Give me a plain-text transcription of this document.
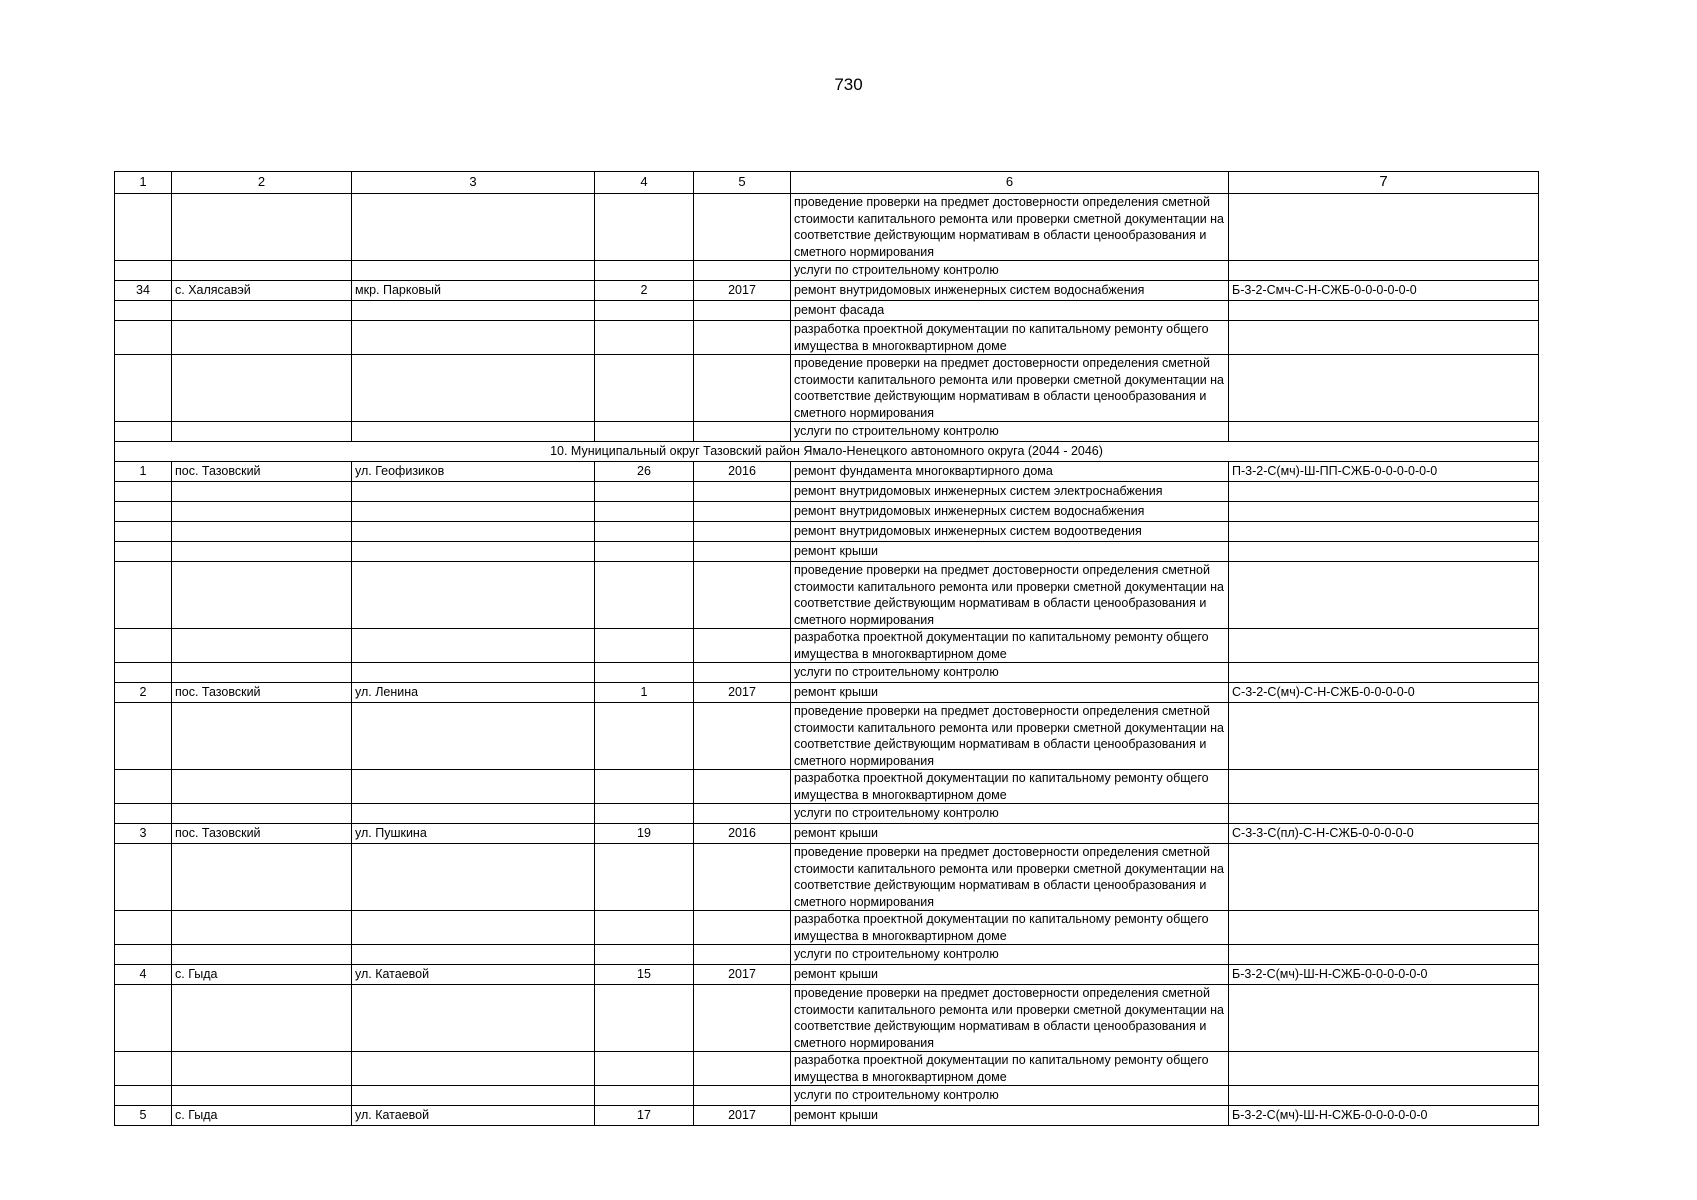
730
1	2	3	4	5	6	7
					проведение проверки на предмет достоверности определения сметной стоимости капитального ремонта или проверки сметной документации на соответствие действующим нормативам в области ценообразования и сметного нормирования	
					услуги по строительному контролю	
34	с. Халясавэй	мкр. Парковый	2	2017	ремонт внутридомовых инженерных систем водоснабжения	Б-3-2-Смч-С-Н-СЖБ-0-0-0-0-0-0
					ремонт фасада	
					разработка проектной документации по капитальному ремонту общего имущества в многоквартирном доме	
					проведение проверки на предмет достоверности определения сметной стоимости капитального ремонта или проверки сметной документации на соответствие действующим нормативам в области ценообразования и сметного нормирования	
					услуги по строительному контролю	
10. Муниципальный округ Тазовский район Ямало-Ненецкого автономного округа (2044 - 2046)						
1	пос. Тазовский	ул. Геофизиков	26	2016	ремонт фундамента многоквартирного дома	П-3-2-С(мч)-Ш-ПП-СЖБ-0-0-0-0-0-0
					ремонт внутридомовых инженерных систем электроснабжения	
					ремонт внутридомовых инженерных систем водоснабжения	
					ремонт внутридомовых инженерных систем водоотведения	
					ремонт крыши	
					проведение проверки на предмет достоверности определения сметной стоимости капитального ремонта или проверки сметной документации на соответствие действующим нормативам в области ценообразования и сметного нормирования	
					разработка проектной документации по капитальному ремонту общего имущества в многоквартирном доме	
					услуги по строительному контролю	
2	пос. Тазовский	ул. Ленина	1	2017	ремонт крыши	С-3-2-С(мч)-С-Н-СЖБ-0-0-0-0-0
					проведение проверки на предмет достоверности определения сметной стоимости капитального ремонта или проверки сметной документации на соответствие действующим нормативам в области ценообразования и сметного нормирования	
					разработка проектной документации по капитальному ремонту общего имущества в многоквартирном доме	
					услуги по строительному контролю	
3	пос. Тазовский	ул. Пушкина	19	2016	ремонт крыши	С-3-3-С(пл)-С-Н-СЖБ-0-0-0-0-0
					проведение проверки на предмет достоверности определения сметной стоимости капитального ремонта или проверки сметной документации на соответствие действующим нормативам в области ценообразования и сметного нормирования	
					разработка проектной документации по капитальному ремонту общего имущества в многоквартирном доме	
					услуги по строительному контролю	
4	с. Гыда	ул. Катаевой	15	2017	ремонт крыши	Б-3-2-С(мч)-Ш-Н-СЖБ-0-0-0-0-0-0
					проведение проверки на предмет достоверности определения сметной стоимости капитального ремонта или проверки сметной документации на соответствие действующим нормативам в области ценообразования и сметного нормирования	
					разработка проектной документации по капитальному ремонту общего имущества в многоквартирном доме	
					услуги по строительному контролю	
5	с. Гыда	ул. Катаевой	17	2017	ремонт крыши	Б-3-2-С(мч)-Ш-Н-СЖБ-0-0-0-0-0-0
